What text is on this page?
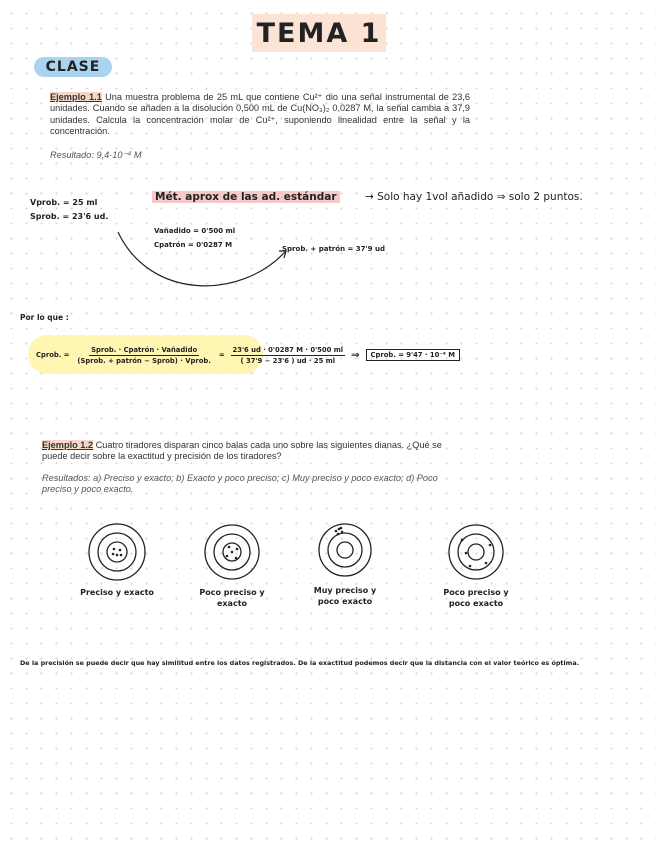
TEMA 1
CLASE
Ejemplo 1.1 Una muestra problema de 25 mL que contiene Cu²⁺ dio una señal instrumental de 23,6 unidades. Cuando se añaden a la disolución 0,500 mL de Cu(NO₃)₂ 0,0287 M, la señal cambia a 37,9 unidades. Calcula la concentración molar de Cu²⁺, suponiendo linealidad entre la señal y la concentración.
Resultado: 9,4·10⁻⁴ M
Vprob. = 25 ml
Sprob. = 23'6 ud.
Mét. aprox de las ad. estándar	→ Solo hay 1vol añadido ⇒ solo 2 puntos.
Vañadido = 0'500 ml
Cpatrón = 0'0287 M	Sprob. + patrón = 37'9 ud
Por lo que :
Cprob. = $\frac{\text{Sprob. · Cpatrón · Vañadido}}{\text{(Sprob. + patrón − Sprob) · Vprob.}} = \frac{23'6 ud \cdot 0'0287 M \cdot 0'500 ml}{( 37'9 - 23'6 ) ud \cdot 25 ml}$ ⇒	Cprob. = 9'47 · 10⁻⁴ M
Ejemplo 1.2 Cuatro tiradores disparan cinco balas cada uno sobre las siguientes dianas. ¿Qué se puede decir sobre la exactitud y precisión de los tiradores?
Resultados: a) Preciso y exacto; b) Exacto y poco preciso; c) Muy preciso y poco exacto; d) Poco preciso y poco exacto.
Preciso y exacto	Poco preciso y exacto
Muy preciso y poco exacto
Poco preciso y poco exacto
De la precisión se puede decir que hay similitud entre los datos registrados. De la exactitud podemos decir que la distancia con el valor teórico es óptima.
